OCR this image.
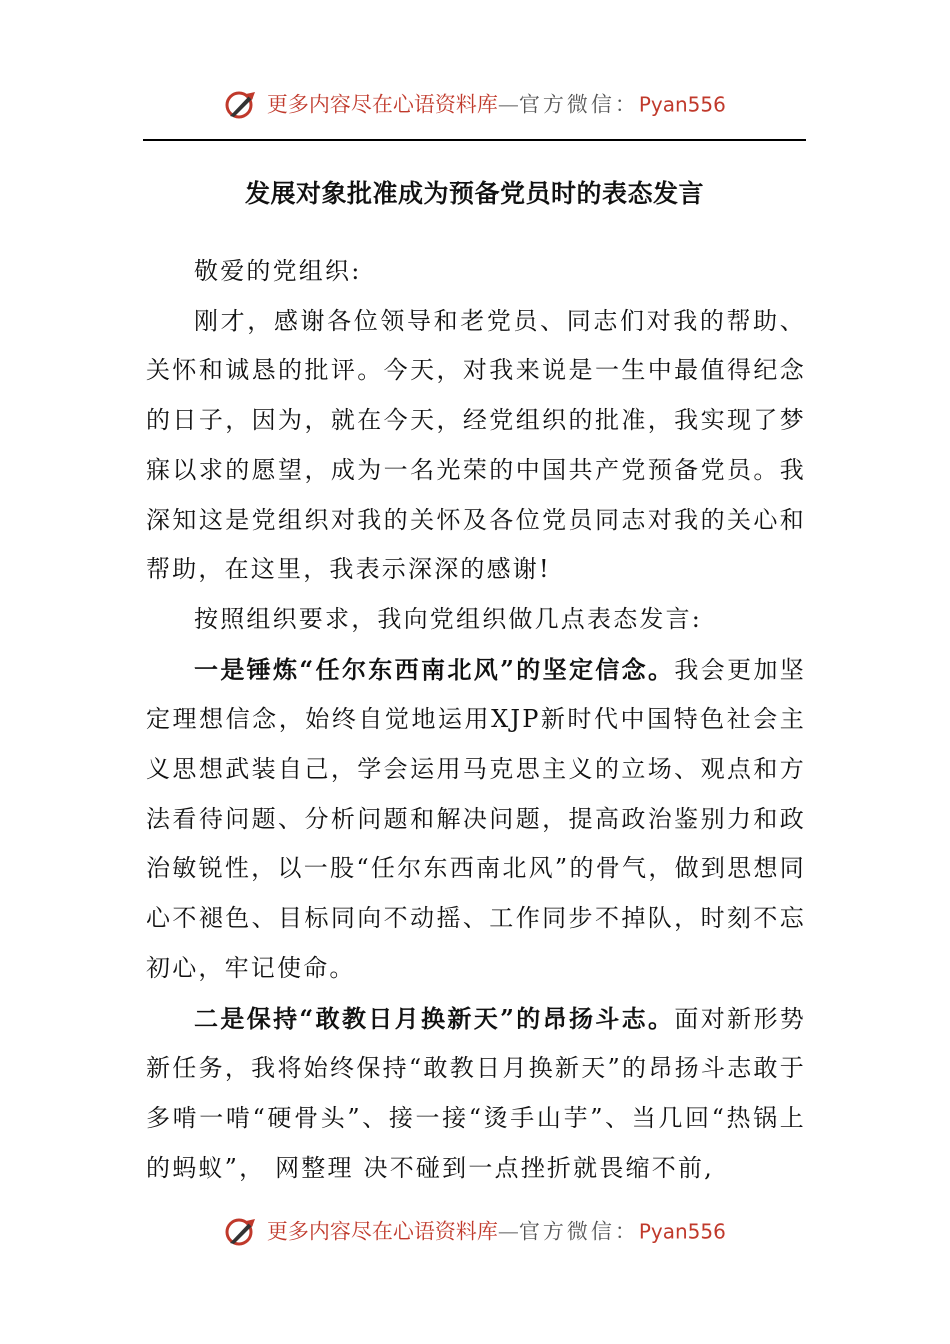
更多内容尽在心语资料库—官方微信：Pyan556
发展对象批准成为预备党员时的表态发言

敬爱的党组织:

刚才，感谢各位领导和老党员、同志们对我的帮助、关怀和诚恳的批评。今天，对我来说是一生中最值得纪念的日子，因为，就在今天，经党组织的批准，我实现了梦寐以求的愿望，成为一名光荣的中国共产党预备党员。我深知这是党组织对我的关怀及各位党员同志对我的关心和帮助，在这里，我表示深深的感谢!

按照组织要求，我向党组织做几点表态发言:

一是锤炼“任尔东西南北风”的坚定信念。我会更加坚定理想信念，始终自觉地运用XJP新时代中国特色社会主义思想武装自己，学会运用马克思主义的立场、观点和方法看待问题、分析问题和解决问题，提高政治鉴别力和政治敏锐性，以一股“任尔东西南北风”的骨气，做到思想同心不褪色、目标同向不动摇、工作同步不掉队，时刻不忘初心，牢记使命。

二是保持“敢教日月换新天”的昂扬斗志。面对新形势新任务，我将始终保持“敢教日月换新天”的昂扬斗志敢于多啃一啃“硬骨头”、接一接“烫手山芋”、当几回“热锅上的蚂蚁”， 网整理 决不碰到一点挫折就畏缩不前,

更多内容尽在心语资料库—官方微信：Pyan556
